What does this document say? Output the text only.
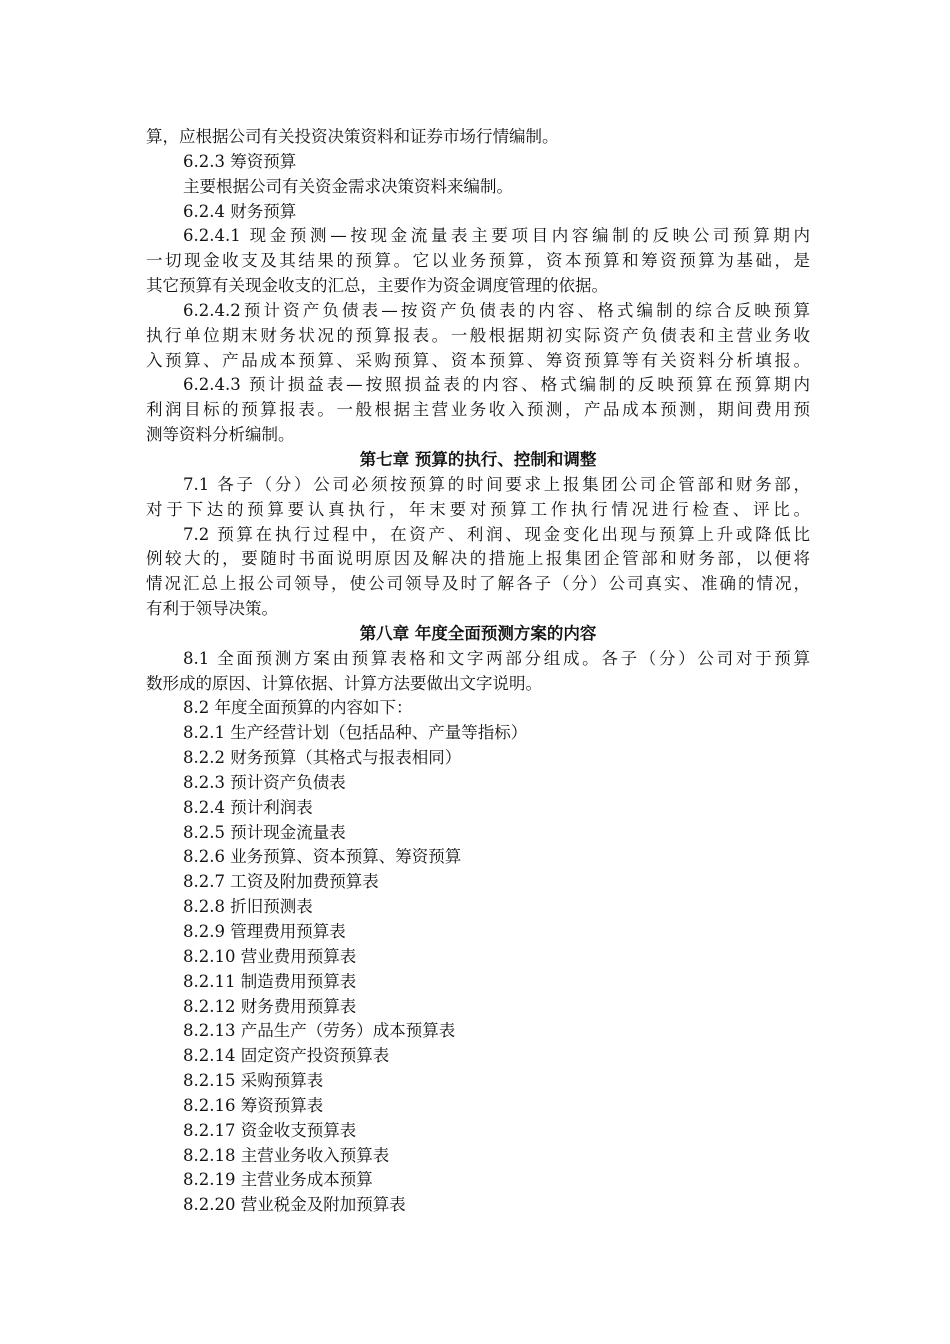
算，应根据公司有关投资决策资料和证券市场行情编制。
6.2.3 筹资预算
主要根据公司有关资金需求决策资料来编制。
6.2.4 财务预算
6.2.4.1 现金预测—按现金流量表主要项目内容编制的反映公司预算期内
一切现金收支及其结果的预算。它以业务预算，资本预算和筹资预算为基础，是
其它预算有关现金收支的汇总，主要作为资金调度管理的依据。
6.2.4.2预计资产负债表—按资产负债表的内容、格式编制的综合反映预算
执行单位期末财务状况的预算报表。一般根据期初实际资产负债表和主营业务收
入预算、产品成本预算、采购预算、资本预算、筹资预算等有关资料分析填报。
6.2.4.3 预计损益表—按照损益表的内容、格式编制的反映预算在预算期内
利润目标的预算报表。一般根据主营业务收入预测，产品成本预测，期间费用预
测等资料分析编制。
第七章 预算的执行、控制和调整
7.1 各子（分）公司必须按预算的时间要求上报集团公司企管部和财务部，
对于下达的预算要认真执行，年末要对预算工作执行情况进行检查、评比。
7.2 预算在执行过程中，在资产、利润、现金变化出现与预算上升或降低比
例较大的，要随时书面说明原因及解决的措施上报集团企管部和财务部，以便将
情况汇总上报公司领导，使公司领导及时了解各子（分）公司真实、准确的情况，
有利于领导决策。
第八章 年度全面预测方案的内容
8.1 全面预测方案由预算表格和文字两部分组成。各子（分）公司对于预算
数形成的原因、计算依据、计算方法要做出文字说明。
8.2 年度全面预算的内容如下：
8.2.1 生产经营计划（包括品种、产量等指标）
8.2.2 财务预算（其格式与报表相同）
8.2.3 预计资产负债表
8.2.4 预计利润表
8.2.5 预计现金流量表
8.2.6 业务预算、资本预算、筹资预算
8.2.7 工资及附加费预算表
8.2.8 折旧预测表
8.2.9 管理费用预算表
8.2.10 营业费用预算表
8.2.11 制造费用预算表
8.2.12 财务费用预算表
8.2.13 产品生产（劳务）成本预算表
8.2.14 固定资产投资预算表
8.2.15 采购预算表
8.2.16 筹资预算表
8.2.17 资金收支预算表
8.2.18 主营业务收入预算表
8.2.19 主营业务成本预算
8.2.20 营业税金及附加预算表
